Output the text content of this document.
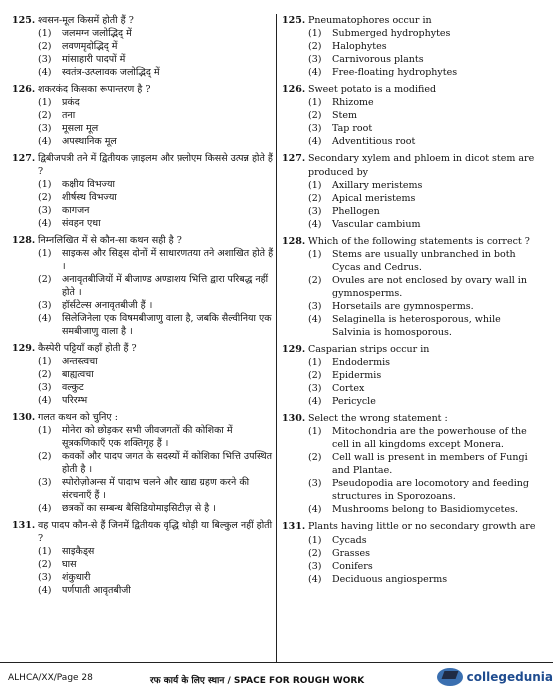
125. श्वसन-मूल किसमें होती हैं ?
(1)	जलमग्न जलोद्भिद् में
(2)	लवणमृदोद्भिद् में
(3)	मांसाहारी पादपों में
(4)	स्वतंत्र-उत्प्लावक जलोद्भिद् में
126. शकरकंद किसका रूपान्तरण है ?
(1)	प्रकंद
(2)	तना
(3)	मूसला मूल
(4)	अपस्थानिक मूल
127. द्विबीजपत्री तने में द्वितीयक ज़ाइलम और फ़्लोएम किससे उत्पन्न होते हैं ?
(1)	कक्षीय विभज्या
(2)	शीर्षस्थ विभज्या
(3)	कागजन
(4)	संवहन एधा
128. निम्नलिखित में से कौन-सा कथन सही है ?
(1)	साइकस और सिड्स दोनों में साधारणतया तने अशाखित होते हैं ।
(2)	अनावृतबीजियों में बीजाण्ड अण्डाशय भित्ति द्वारा परिबद्ध नहीं होते ।
(3)	हॉर्सटेल्स अनावृतबीजी हैं ।
(4)	सिलेजिनेला एक विषमबीजाणु वाला है, जबकि सैल्वीनिया एक समबीजाणु वाला है ।
129. कैस्पेरी पट्टियाँ कहाँ होती हैं ?
(1)	अन्तस्त्वचा
(2)	बाह्यत्वचा
(3)	वल्कुट
(4)	परिरम्भ
130. गलत कथन को चुनिए :
(1)	मोनेरा को छोड़कर सभी जीवजगतों की कोशिका में सूत्रकणिकाएँ एक शक्तिगृह हैं ।
(2)	कवकों और पादप जगत के सदस्यों में कोशिका भित्ति उपस्थित होती है ।
(3)	स्पोरोज़ोअन्स में पादाभ चलने और खाद्य ग्रहण करने की संरचनाएँ हैं ।
(4)	छत्रकों का सम्बन्ध बैसिडियोमाइसिटीज़ से है ।
131. वह पादप कौन-से हैं जिनमें द्वितीयक वृद्धि थोड़ी या बिल्कुल नहीं होती ?
(1)	साइकैड्स
(2)	घास
(3)	शंकुधारी
(4)	पर्णपाती आवृतबीजी
125. Pneumatophores occur in
(1)	Submerged hydrophytes
(2)	Halophytes
(3)	Carnivorous plants
(4)	Free-floating hydrophytes
126. Sweet potato is a modified
(1)	Rhizome
(2)	Stem
(3)	Tap root
(4)	Adventitious root
127. Secondary xylem and phloem in dicot stem are produced by
(1)	Axillary meristems
(2)	Apical meristems
(3)	Phellogen
(4)	Vascular cambium
128. Which of the following statements is correct ?
(1)	Stems are usually unbranched in both Cycas and Cedrus.
(2)	Ovules are not enclosed by ovary wall in gymnosperms.
(3)	Horsetails are gymnosperms.
(4)	Selaginella is heterosporous, while Salvinia is homosporous.
129. Casparian strips occur in
(1)	Endodermis
(2)	Epidermis
(3)	Cortex
(4)	Pericycle
130. Select the wrong statement :
(1)	Mitochondria are the powerhouse of the cell in all kingdoms except Monera.
(2)	Cell wall is present in members of Fungi and Plantae.
(3)	Pseudopodia are locomotory and feeding structures in Sporozoans.
(4)	Mushrooms belong to Basidiomycetes.
131. Plants having little or no secondary growth are
(1)	Cycads
(2)	Grasses
(3)	Conifers
(4)	Deciduous angiosperms
ALHCA/XX/Page 28	रफ कार्य के लिए स्थान / SPACE FOR ROUGH WORK	collegedunia
